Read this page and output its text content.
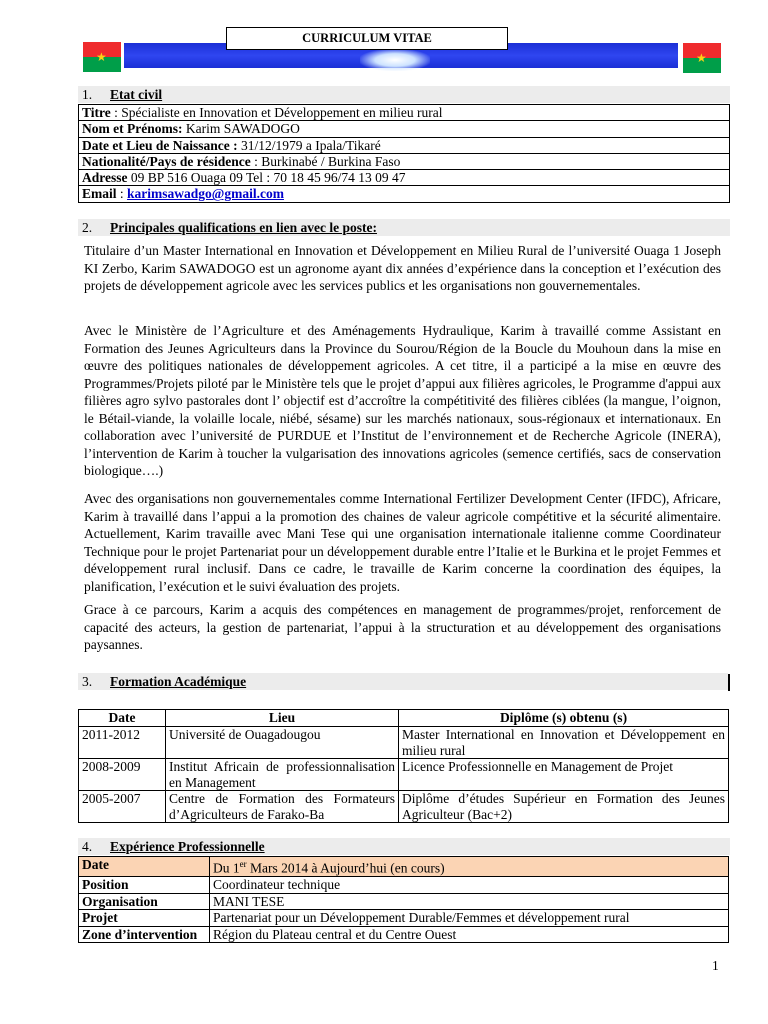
★	★
CURRICULUM VITAE
1. Etat civil
Titre : Spécialiste en Innovation et Développement en milieu rural
Nom et Prénoms: Karim SAWADOGO
Date et Lieu de Naissance : 31/12/1979 a Ipala/Tikaré
Nationalité/Pays de résidence : Burkinabé / Burkina Faso
Adresse 09 BP 516 Ouaga 09 Tel : 70 18 45 96/74 13 09 47
Email : karimsawadgo@gmail.com
2. Principales qualifications en lien avec le poste:

Titulaire d’un Master International en Innovation et Développement en Milieu Rural de l’université Ouaga 1 Joseph KI Zerbo, Karim SAWADOGO est un agronome ayant dix années d’expérience dans la conception et l’exécution des projets de développement agricole avec les services publics et les organisations non gouvernementales.

Avec le Ministère de l’Agriculture et des Aménagements Hydraulique, Karim à travaillé comme Assistant en Formation des Jeunes Agriculteurs dans la Province du Sourou/Région de la Boucle du Mouhoun dans la mise en œuvre des politiques nationales de développement agricoles. A cet titre, il a participé a la mise en œuvre des Programmes/Projets piloté par le Ministère tels que le projet d’appui aux filières agricoles, le Programme d'appui aux filières agro sylvo pastorales dont l’ objectif est d’accroître la compétitivité des filières ciblées (la mangue, l’oignon, le Bétail-viande, la volaille locale, niébé, sésame) sur les marchés nationaux, sous-régionaux et internationaux. En collaboration avec l’université de PURDUE et l’Institut de l’environnement et de Recherche Agricole (INERA), l’intervention de Karim à toucher la vulgarisation des innovations agricoles (semence certifiés, sacs de conservation biologique….)

Avec des organisations non gouvernementales comme International Fertilizer Development Center (IFDC), Africare, Karim à travaillé dans l’appui a la promotion des chaines de valeur agricole compétitive et la sécurité alimentaire. Actuellement, Karim travaille avec Mani Tese qui une organisation internationale italienne comme Coordinateur Technique pour le projet Partenariat pour un développement durable entre l’Italie et le Burkina et le projet Femmes et développement rural inclusif. Dans ce cadre, le travaille de Karim concerne la coordination des équipes, la planification, l’exécution et le suivi évaluation des projets.

Grace à ce parcours, Karim a acquis des compétences en management de programmes/projet, renforcement de capacité des acteurs, la gestion de partenariat, l’appui à la structuration et au développement des organisations paysannes.

3. Formation Académique
Date	Lieu	Diplôme (s) obtenu (s)
2011-2012	Université de Ouagadougou	Master International en Innovation et Développement en milieu rural
2008-2009	Institut Africain de professionnalisation en Management	Licence Professionnelle en Management de Projet
2005-2007	Centre de Formation des Formateurs d’Agriculteurs de Farako-Ba	Diplôme d’études Supérieur en Formation des Jeunes Agriculteur (Bac+2)
4. Expérience Professionnelle
Date	Du 1er Mars 2014 à Aujourd’hui (en cours)
Position	Coordinateur technique
Organisation	MANI TESE
Projet	Partenariat pour un Développement Durable/Femmes et développement rural
Zone d’intervention	Région du Plateau central et du Centre Ouest
1
